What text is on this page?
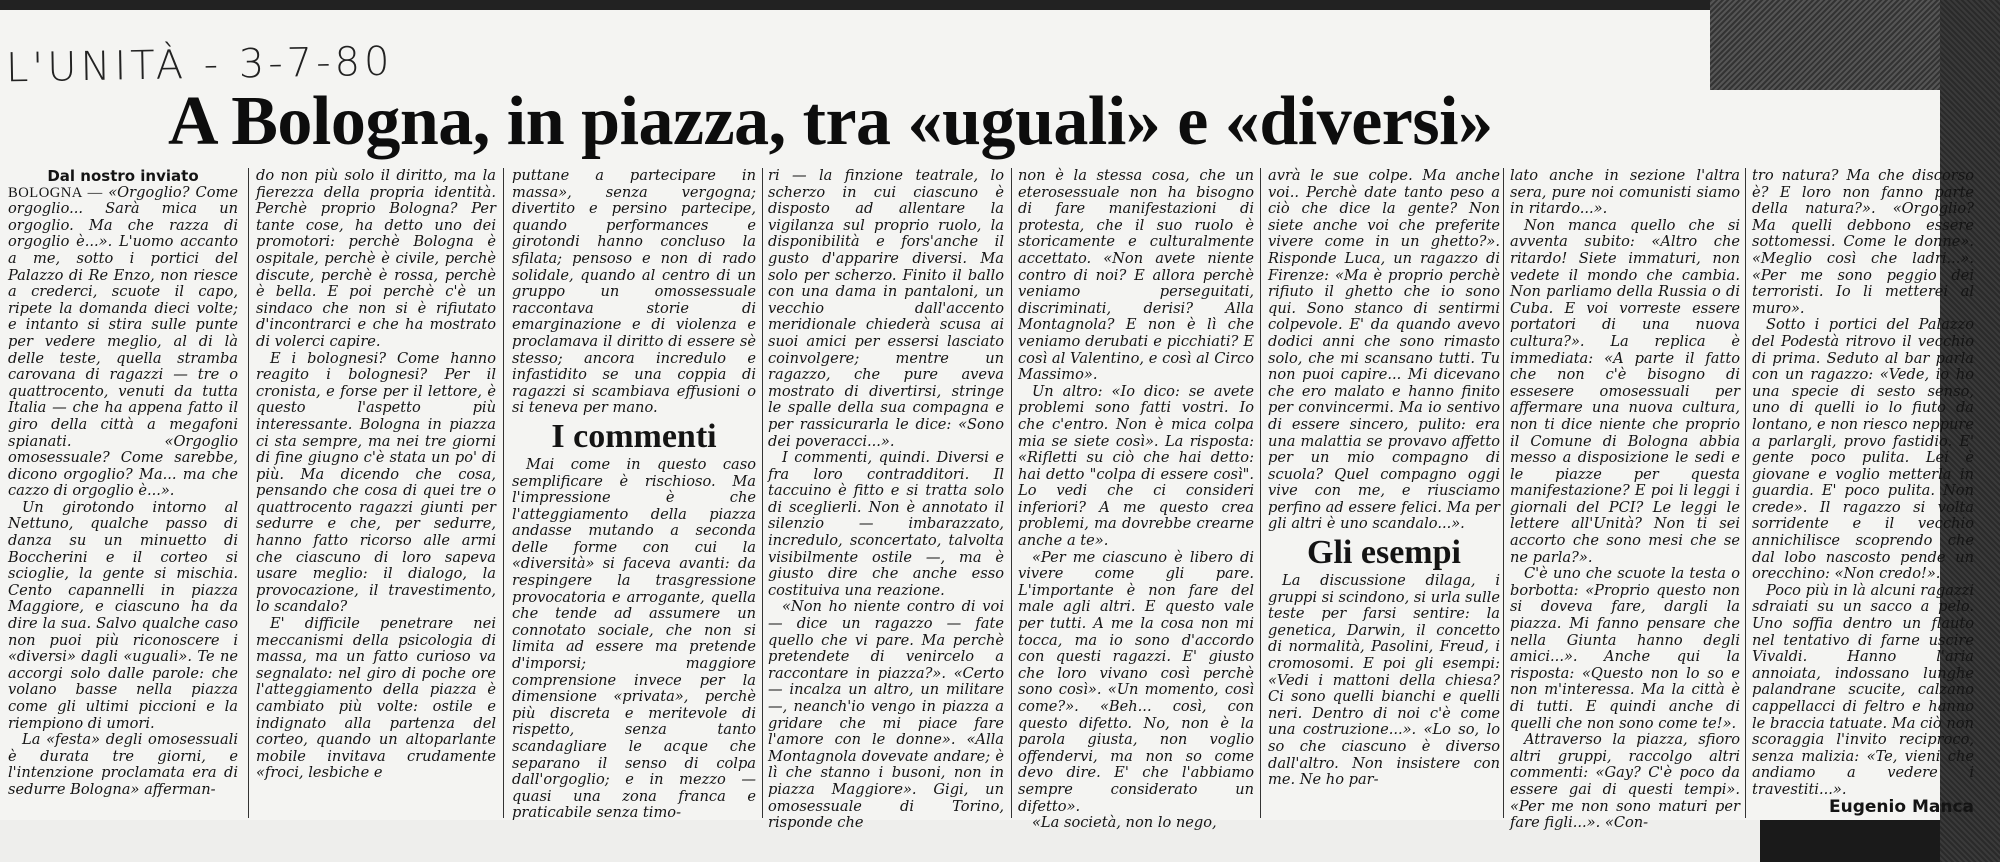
L'UNITÀ - 3-7-80
A Bologna, in piazza, tra «uguali» e «diversi»

Dal nostro inviato

BOLOGNA — «Orgoglio? Come orgoglio... Sarà mica un orgoglio. Ma che razza di orgoglio è...». L'uomo accanto a me, sotto i portici del Palazzo di Re Enzo, non riesce a crederci, scuote il capo, ripete la domanda dieci volte; e intanto si stira sulle punte per vedere meglio, al di là delle teste, quella stramba carovana di ragazzi — tre o quattrocento, venuti da tutta Italia — che ha appena fatto il giro della città a megafoni spianati. «Orgoglio omosessuale? Come sarebbe, dicono orgoglio? Ma... ma che cazzo di orgoglio è...».

Un girotondo intorno al Nettuno, qualche passo di danza su un minuetto di Boccherini e il corteo si scioglie, la gente si mischia. Cento capannelli in piazza Maggiore, e ciascuno ha da dire la sua. Salvo qualche caso non puoi più riconoscere i «diversi» dagli «uguali». Te ne accorgi solo dalle parole: che volano basse nella piazza come gli ultimi piccioni e la riempiono di umori.

La «festa» degli omosessuali è durata tre giorni, e l'intenzione proclamata era di sedurre Bologna» afferman-

do non più solo il diritto, ma la fierezza della propria identità. Perchè proprio Bologna? Per tante cose, ha detto uno dei promotori: perchè Bologna è ospitale, perchè è civile, perchè discute, perchè è rossa, perchè è bella. E poi perchè c'è un sindaco che non si è rifiutato d'incontrarci e che ha mostrato di volerci capire.

E i bolognesi? Come hanno reagito i bolognesi? Per il cronista, e forse per il lettore, è questo l'aspetto più interessante. Bologna in piazza ci sta sempre, ma nei tre giorni di fine giugno c'è stata un po' di più. Ma dicendo che cosa, pensando che cosa di quei tre o quattrocento ragazzi giunti per sedurre e che, per sedurre, hanno fatto ricorso alle armi che ciascuno di loro sapeva usare meglio: il dialogo, la provocazione, il travestimento, lo scandalo?

E' difficile penetrare nei meccanismi della psicologia di massa, ma un fatto curioso va segnalato: nel giro di poche ore l'atteggiamento della piazza è cambiato più volte: ostile e indignato alla partenza del corteo, quando un altoparlante mobile invitava crudamente «froci, lesbiche e

puttane a partecipare in massa», senza vergogna; divertito e persino partecipe, quando performances e girotondi hanno concluso la sfilata; pensoso e non di rado solidale, quando al centro di un gruppo un omossessuale raccontava storie di emarginazione e di violenza e proclamava il diritto di essere sè stesso; ancora incredulo e infastidito se una coppia di ragazzi si scambiava effusioni o si teneva per mano.

I commenti

Mai come in questo caso semplificare è rischioso. Ma l'impressione è che l'atteggiamento della piazza andasse mutando a seconda delle forme con cui la «diversità» si faceva avanti: da respingere la trasgressione provocatoria e arrogante, quella che tende ad assumere un connotato sociale, che non si limita ad essere ma pretende d'imporsi; maggiore comprensione invece per la dimensione «privata», perchè più discreta e meritevole di rispetto, senza tanto scandagliare le acque che separano il senso di colpa dall'orgoglio; e in mezzo — quasi una zona franca e praticabile senza timo-

ri — la finzione teatrale, lo scherzo in cui ciascuno è disposto ad allentare la vigilanza sul proprio ruolo, la disponibilità e fors'anche il gusto d'apparire diversi. Ma solo per scherzo. Finito il ballo con una dama in pantaloni, un vecchio dall'accento meridionale chiederà scusa ai suoi amici per essersi lasciato coinvolgere; mentre un ragazzo, che pure aveva mostrato di divertirsi, stringe le spalle della sua compagna e per rassicurarla le dice: «Sono dei poveracci...».

I commenti, quindi. Diversi e fra loro contradditori. Il taccuino è fitto e si tratta solo di sceglierli. Non è annotato il silenzio — imbarazzato, incredulo, sconcertato, talvolta visibilmente ostile —, ma è giusto dire che anche esso costituiva una reazione.

«Non ho niente contro di voi — dice un ragazzo — fate quello che vi pare. Ma perchè pretendete di venircelo a raccontare in piazza?». «Certo — incalza un altro, un militare —, neanch'io vengo in piazza a gridare che mi piace fare l'amore con le donne». «Alla Montagnola dovevate andare; è lì che stanno i busoni, non in piazza Maggiore». Gigi, un omosessuale di Torino, risponde che

non è la stessa cosa, che un eterosessuale non ha bisogno di fare manifestazioni di protesta, che il suo ruolo è storicamente e culturalmente accettato. «Non avete niente contro di noi? E allora perchè veniamo perseguitati, discriminati, derisi? Alla Montagnola? E non è lì che veniamo derubati e picchiati? E così al Valentino, e così al Circo Massimo».

Un altro: «Io dico: se avete problemi sono fatti vostri. Io che c'entro. Non è mica colpa mia se siete così». La risposta: «Rifletti su ciò che hai detto: hai detto "colpa di essere così". Lo vedi che ci consideri inferiori? A me questo crea problemi, ma dovrebbe crearne anche a te».

«Per me ciascuno è libero di vivere come gli pare. L'importante è non fare del male agli altri. E questo vale per tutti. A me la cosa non mi tocca, ma io sono d'accordo con questi ragazzi. E' giusto che loro vivano così perchè sono così». «Un momento, così come?». «Beh... così, con questo difetto. No, non è la parola giusta, non voglio offendervi, ma non so come devo dire. E' che l'abbiamo sempre considerato un difetto».

«La società, non lo nego,

avrà le sue colpe. Ma anche voi.. Perchè date tanto peso a ciò che dice la gente? Non siete anche voi che preferite vivere come in un ghetto?». Risponde Luca, un ragazzo di Firenze: «Ma è proprio perchè rifiuto il ghetto che io sono qui. Sono stanco di sentirmi colpevole. E' da quando avevo dodici anni che sono rimasto solo, che mi scansano tutti. Tu non puoi capire... Mi dicevano che ero malato e hanno finito per convincermi. Ma io sentivo di essere sincero, pulito: era una malattia se provavo affetto per un mio compagno di scuola? Quel compagno oggi vive con me, e riusciamo perfino ad essere felici. Ma per gli altri è uno scandalo...».

Gli esempi

La discussione dilaga, i gruppi si scindono, si urla sulle teste per farsi sentire: la genetica, Darwin, il concetto di normalità, Pasolini, Freud, i cromosomi. E poi gli esempi: «Vedi i mattoni della chiesa? Ci sono quelli bianchi e quelli neri. Dentro di noi c'è come una costruzione...». «Lo so, lo so che ciascuno è diverso dall'altro. Non insistere con me. Ne ho par-

lato anche in sezione l'altra sera, pure noi comunisti siamo in ritardo...».

Non manca quello che si avventa subito: «Altro che ritardo! Siete immaturi, non vedete il mondo che cambia. Non parliamo della Russia o di Cuba. E voi vorreste essere portatori di una nuova cultura?». La replica è immediata: «A parte il fatto che non c'è bisogno di essesere omosessuali per affermare una nuova cultura, non ti dice niente che proprio il Comune di Bologna abbia messo a disposizione le sedi e le piazze per questa manifestazione? E poi li leggi i giornali del PCI? Le leggi le lettere all'Unità? Non ti sei accorto che sono mesi che se ne parla?».

C'è uno che scuote la testa o borbotta: «Proprio questo non si doveva fare, dargli la piazza. Mi fanno pensare che nella Giunta hanno degli amici...». Anche qui la risposta: «Questo non lo so e non m'interessa. Ma la città è di tutti. E quindi anche di quelli che non sono come te!».

Attraverso la piazza, sfioro altri gruppi, raccolgo altri commenti: «Gay? C'è poco da essere gai di questi tempi». «Per me non sono maturi per fare figli...». «Con-

tro natura? Ma che discorso è? E loro non fanno parte della natura?». «Orgoglio? Ma quelli debbono essere sottomessi. Come le donne». «Meglio così che ladri...». «Per me sono peggio dei terroristi. Io li metterei al muro».

Sotto i portici del Palazzo del Podestà ritrovo il vecchio di prima. Seduto al bar parla con un ragazzo: «Vede, io ho una specie di sesto senso, uno di quelli io lo fiuto da lontano, e non riesco neppure a parlargli, provo fastidio. E' gente poco pulita. Lei è giovane e voglio metterla in guardia. E' poco pulita. Non crede». Il ragazzo si volta sorridente e il vecchio annichilisce scoprendo che dal lobo nascosto pende un orecchino: «Non credo!».

Poco più in là alcuni ragazzi sdraiati su un sacco a pelo. Uno soffia dentro un flauto nel tentativo di farne uscire Vivaldi. Hanno l'aria annoiata, indossano lunghe palandrane scucite, calzano cappellacci di feltro e hanno le braccia tatuate. Ma ciò non scoraggia l'invito reciproco, senza malizia: «Te, vieni che andiamo a vedere i travestiti...».

Eugenio Manca
